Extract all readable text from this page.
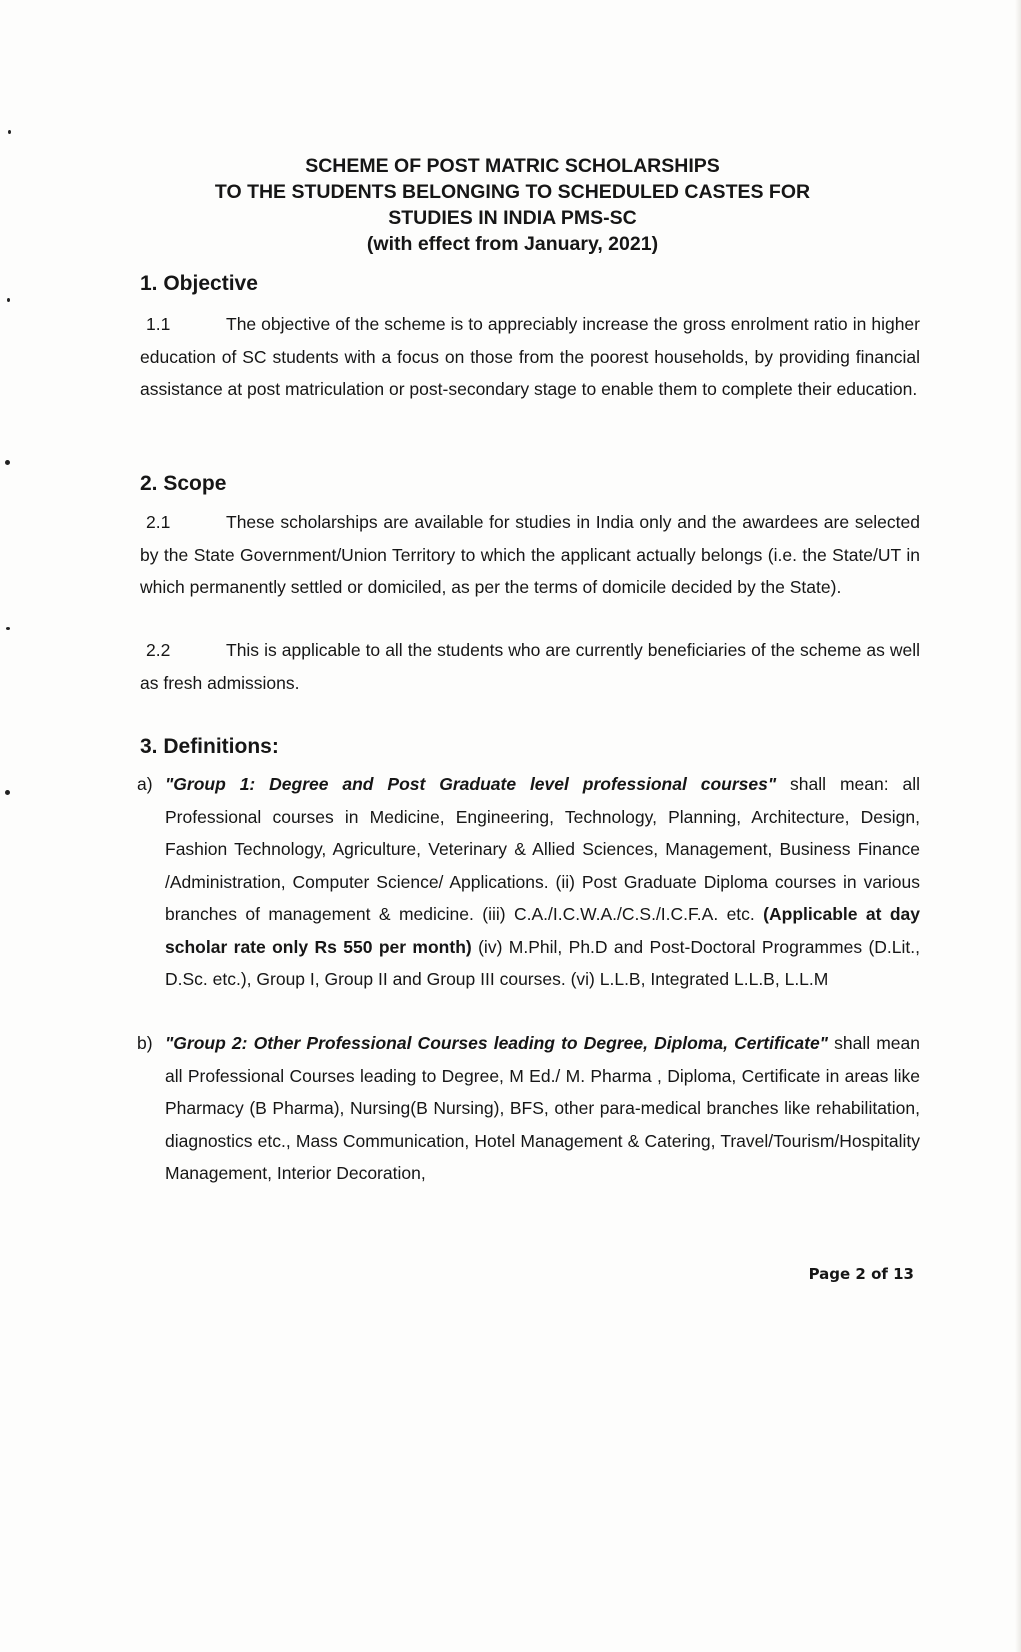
SCHEME OF POST MATRIC SCHOLARSHIPS
TO THE STUDENTS BELONGING TO SCHEDULED CASTES FOR
STUDIES IN INDIA PMS-SC
(with effect from January, 2021)
1. Objective
1.1	The objective of the scheme is to appreciably increase the gross enrolment ratio in higher education of SC students with a focus on those from the poorest households, by providing financial assistance at post matriculation or post-secondary stage to enable them to complete their education.
2. Scope
2.1	These scholarships are available for studies in India only and the awardees are selected by the State Government/Union Territory to which the applicant actually belongs (i.e. the State/UT in which permanently settled or domiciled, as per the terms of domicile decided by the State).
2.2	This is applicable to all the students who are currently beneficiaries of the scheme as well as fresh admissions.
3. Definitions:
a) "Group 1: Degree and Post Graduate level professional courses" shall mean: all Professional courses in Medicine, Engineering, Technology, Planning, Architecture, Design, Fashion Technology, Agriculture, Veterinary & Allied Sciences, Management, Business Finance /Administration, Computer Science/ Applications. (ii) Post Graduate Diploma courses in various branches of management & medicine. (iii) C.A./I.C.W.A./C.S./I.C.F.A. etc. (Applicable at day scholar rate only Rs 550 per month) (iv) M.Phil, Ph.D and Post-Doctoral Programmes (D.Lit., D.Sc. etc.), Group I, Group II and Group III courses. (vi) L.L.B, Integrated L.L.B, L.L.M
b) "Group 2: Other Professional Courses leading to Degree, Diploma, Certificate" shall mean all Professional Courses leading to Degree, M Ed./ M. Pharma , Diploma, Certificate in areas like Pharmacy (B Pharma), Nursing(B Nursing), BFS, other para-medical branches like rehabilitation, diagnostics etc., Mass Communication, Hotel Management & Catering, Travel/Tourism/Hospitality Management, Interior Decoration,
Page 2 of 13
